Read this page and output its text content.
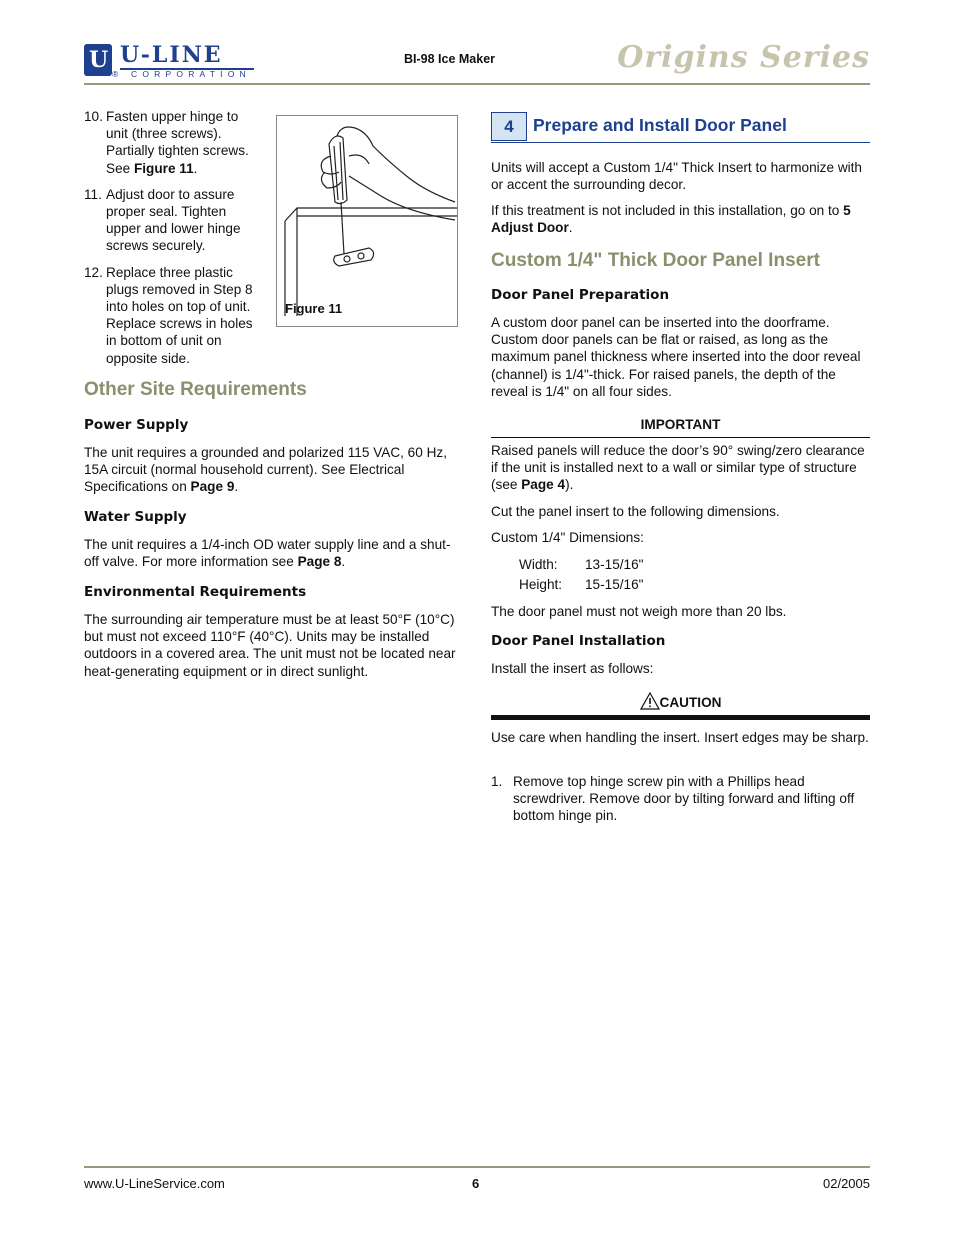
U U-LINE
® CORPORATION
BI-98 Ice Maker	Origins Series
10. Fasten upper hinge to unit (three screws). Partially tighten screws. See Figure 11.
11. Adjust door to assure proper seal. Tighten upper and lower hinge screws securely.
12. Replace three plastic plugs removed in Step 8 into holes on top of unit. Replace screws in holes in bottom of unit on opposite side.
Figure 11
Other Site Requirements
Power Supply

The unit requires a grounded and polarized 115 VAC, 60 Hz, 15A circuit (normal household current). See Electrical Specifications on Page 9.

Water Supply

The unit requires a 1/4-inch OD water supply line and a shut-off valve. For more information see Page 8.

Environmental Requirements

The surrounding air temperature must be at least 50°F (10°C) but must not exceed 110°F (40°C). Units may be installed outdoors in a covered area. The unit must not be located near heat-generating equipment or in direct sunlight.

4	Prepare and Install Door Panel

Units will accept a Custom 1/4" Thick Insert to harmonize with or accent the surrounding decor.

If this treatment is not included in this installation, go on to 5 Adjust Door.

Custom 1/4" Thick Door Panel Insert
Door Panel Preparation

A custom door panel can be inserted into the doorframe. Custom door panels can be flat or raised, as long as the maximum panel thickness where inserted into the door reveal (channel) is 1/4"-thick. For raised panels, the depth of the reveal is 1/4" on all four sides.

IMPORTANT

Raised panels will reduce the door’s 90° swing/zero clearance if the unit is installed next to a wall or similar type of structure (see Page 4).

Cut the panel insert to the following dimensions.

Custom 1/4" Dimensions:

Width: 13-15/16"
Height: 15-15/16"

The door panel must not weigh more than 20 lbs.

Door Panel Installation

Install the insert as follows:

CAUTION

Use care when handling the insert. Insert edges may be sharp.

1. Remove top hinge screw pin with a Phillips head screwdriver. Remove door by tilting forward and lifting off bottom hinge pin.
www.U-LineService.com	6	02/2005
